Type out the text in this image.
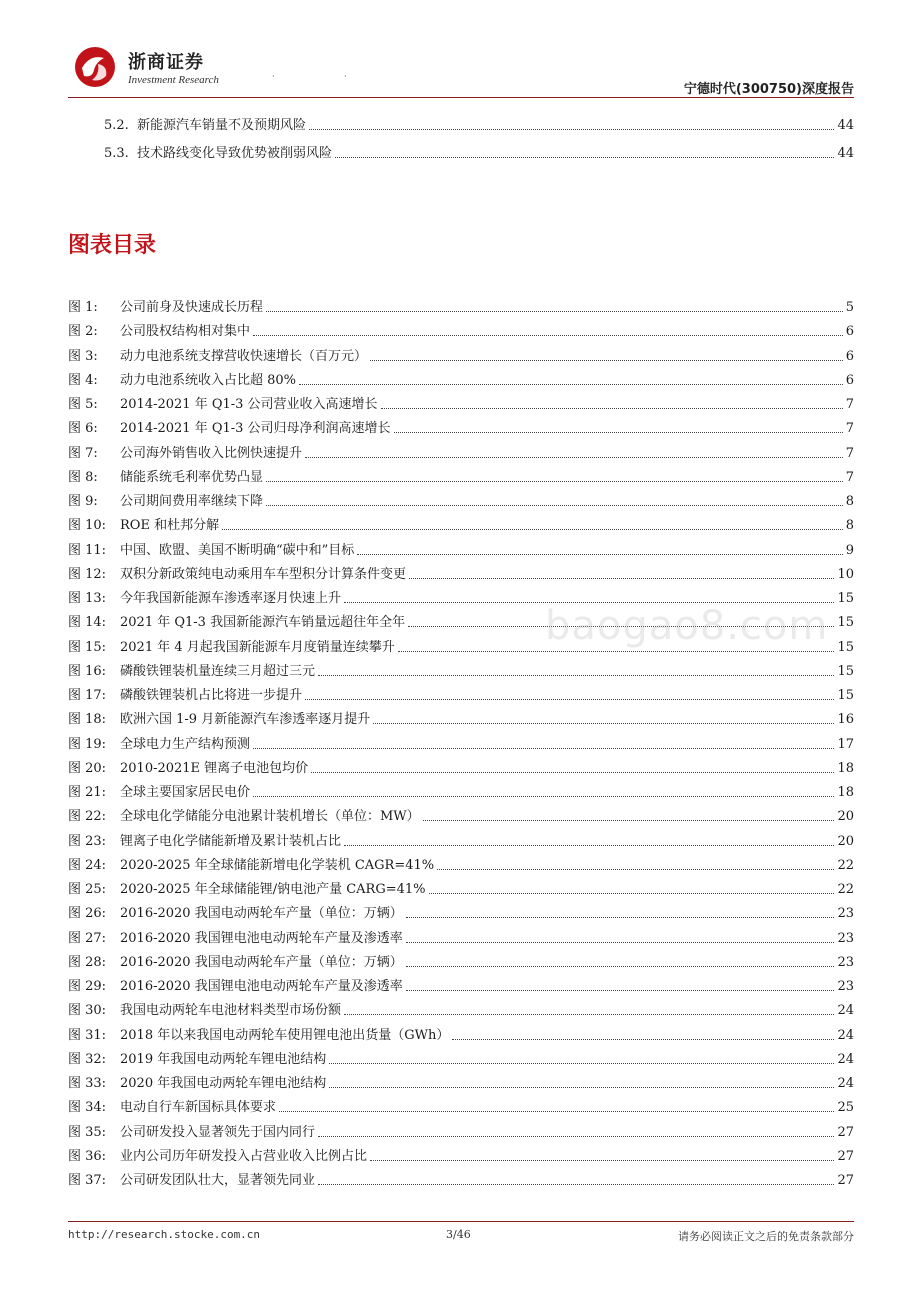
浙商证券
Investment Research
宁德时代(300750)深度报告
·	·
5.2. 新能源汽车销量不及预期风险	44
5.3. 技术路线变化导致优势被削弱风险	44
图表目录
图 1:	公司前身及快速成长历程	5
图 2:	公司股权结构相对集中	6
图 3:	动力电池系统支撑营收快速增长（百万元）	6
图 4:	动力电池系统收入占比超 80%	6
图 5:	2014-2021 年 Q1-3 公司营业收入高速增长	7
图 6:	2014-2021 年 Q1-3 公司归母净利润高速增长	7
图 7:	公司海外销售收入比例快速提升	7
图 8:	储能系统毛利率优势凸显	7
图 9:	公司期间费用率继续下降	8
图 10:	ROE 和杜邦分解	8
图 11:	中国、欧盟、美国不断明确“碳中和”目标	9
图 12:	双积分新政策纯电动乘用车车型积分计算条件变更	10
图 13:	今年我国新能源车渗透率逐月快速上升	15
图 14:	2021 年 Q1-3 我国新能源汽车销量远超往年全年	15
图 15:	2021 年 4 月起我国新能源车月度销量连续攀升	15
图 16:	磷酸铁锂装机量连续三月超过三元	15
图 17:	磷酸铁锂装机占比将进一步提升	15
图 18:	欧洲六国 1-9 月新能源汽车渗透率逐月提升	16
图 19:	全球电力生产结构预测	17
图 20:	2010-2021E 锂离子电池包均价	18
图 21:	全球主要国家居民电价	18
图 22:	全球电化学储能分电池累计装机增长（单位：MW）	20
图 23:	锂离子电化学储能新增及累计装机占比	20
图 24:	2020-2025 年全球储能新增电化学装机 CAGR=41%	22
图 25:	2020-2025 年全球储能锂/钠电池产量 CARG=41%	22
图 26:	2016-2020 我国电动两轮车产量（单位：万辆）	23
图 27:	2016-2020 我国锂电池电动两轮车产量及渗透率	23
图 28:	2016-2020 我国电动两轮车产量（单位：万辆）	23
图 29:	2016-2020 我国锂电池电动两轮车产量及渗透率	23
图 30:	我国电动两轮车电池材料类型市场份额	24
图 31:	2018 年以来我国电动两轮车使用锂电池出货量（GWh）	24
图 32:	2019 年我国电动两轮车锂电池结构	24
图 33:	2020 年我国电动两轮车锂电池结构	24
图 34:	电动自行车新国标具体要求	25
图 35:	公司研发投入显著领先于国内同行	27
图 36:	业内公司历年研发投入占营业收入比例占比	27
图 37:	公司研发团队壮大，显著领先同业	27
baogao8.com
http://research.stocke.com.cn	3/46	请务必阅读正文之后的免责条款部分
